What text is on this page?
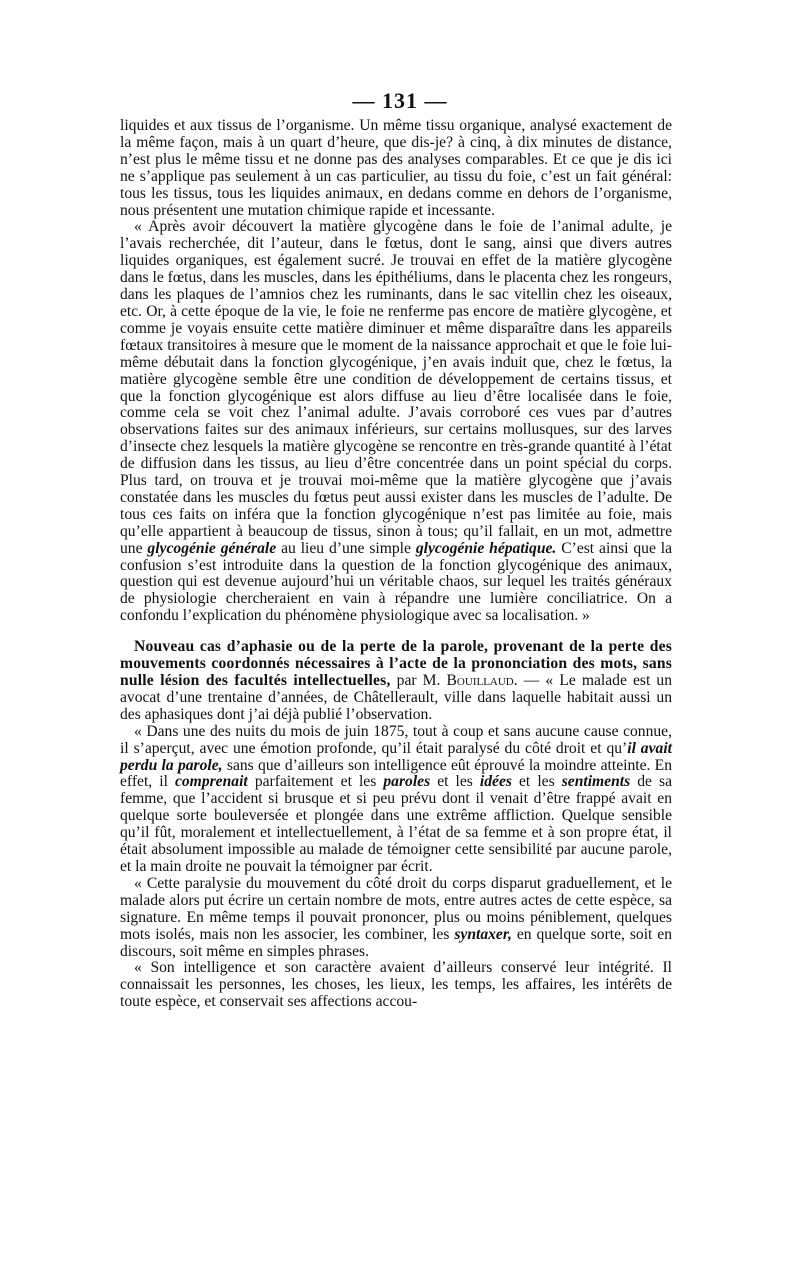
— 131 —

liquides et aux tissus de l’organisme. Un même tissu organique, analysé exactement de la même façon, mais à un quart d’heure, que dis-je? à cinq, à dix minutes de distance, n’est plus le même tissu et ne donne pas des analyses comparables. Et ce que je dis ici ne s’applique pas seulement à un cas particulier, au tissu du foie, c’est un fait général: tous les tissus, tous les liquides animaux, en dedans comme en dehors de l’organisme, nous présentent une mutation chimique rapide et incessante.

« Après avoir découvert la matière glycogène dans le foie de l’animal adulte, je l’avais recherchée, dit l’auteur, dans le fœtus, dont le sang, ainsi que divers autres liquides organiques, est également sucré. Je trouvai en effet de la matière glycogène dans le fœtus, dans les muscles, dans les épithéliums, dans le placenta chez les rongeurs, dans les plaques de l’amnios chez les ruminants, dans le sac vitellin chez les oiseaux, etc. Or, à cette époque de la vie, le foie ne renferme pas encore de matière glycogène, et comme je voyais ensuite cette matière diminuer et même disparaître dans les appareils fœtaux transitoires à mesure que le moment de la naissance approchait et que le foie lui-même débutait dans la fonction glycogénique, j’en avais induit que, chez le fœtus, la matière glycogène semble être une condition de développement de certains tissus, et que la fonction glycogénique est alors diffuse au lieu d’être localisée dans le foie, comme cela se voit chez l’animal adulte. J’avais corroboré ces vues par d’autres observations faites sur des animaux inférieurs, sur certains mollusques, sur des larves d’insecte chez lesquels la matière glycogène se rencontre en très-grande quantité à l’état de diffusion dans les tissus, au lieu d’être concentrée dans un point spécial du corps. Plus tard, on trouva et je trouvai moi-même que la matière glycogène que j’avais constatée dans les muscles du fœtus peut aussi exister dans les muscles de l’adulte. De tous ces faits on inféra que la fonction glycogénique n’est pas limitée au foie, mais qu’elle appartient à beaucoup de tissus, sinon à tous; qu’il fallait, en un mot, admettre une glycogénie générale au lieu d’une simple glycogénie hépatique. C’est ainsi que la confusion s’est introduite dans la question de la fonction glycogénique des animaux, question qui est devenue aujourd’hui un véritable chaos, sur lequel les traités généraux de physiologie chercheraient en vain à répandre une lumière conciliatrice. On a confondu l’explication du phénomène physiologique avec sa localisation. »

Nouveau cas d’aphasie ou de la perte de la parole, provenant de la perte des mouvements coordonnés nécessaires à l’acte de la prononciation des mots, sans nulle lésion des facultés intellectuelles, par M. Bouillaud. — « Le malade est un avocat d’une trentaine d’années, de Châtellerault, ville dans laquelle habitait aussi un des aphasiques dont j’ai déjà publié l’observation.

« Dans une des nuits du mois de juin 1875, tout à coup et sans aucune cause connue, il s’aperçut, avec une émotion profonde, qu’il était paralysé du côté droit et qu’il avait perdu la parole, sans que d’ailleurs son intelligence eût éprouvé la moindre atteinte. En effet, il comprenait parfaitement et les paroles et les idées et les sentiments de sa femme, que l’accident si brusque et si peu prévu dont il venait d’être frappé avait en quelque sorte bouleversée et plongée dans une extrême affliction. Quelque sensible qu’il fût, moralement et intellectuellement, à l’état de sa femme et à son propre état, il était absolument impossible au malade de témoigner cette sensibilité par aucune parole, et la main droite ne pouvait la témoigner par écrit.

« Cette paralysie du mouvement du côté droit du corps disparut graduellement, et le malade alors put écrire un certain nombre de mots, entre autres actes de cette espèce, sa signature. En même temps il pouvait prononcer, plus ou moins péniblement, quelques mots isolés, mais non les associer, les combiner, les syntaxer, en quelque sorte, soit en discours, soit même en simples phrases.

« Son intelligence et son caractère avaient d’ailleurs conservé leur intégrité. Il connaissait les personnes, les choses, les lieux, les temps, les affaires, les intérêts de toute espèce, et conservait ses affections accou-
